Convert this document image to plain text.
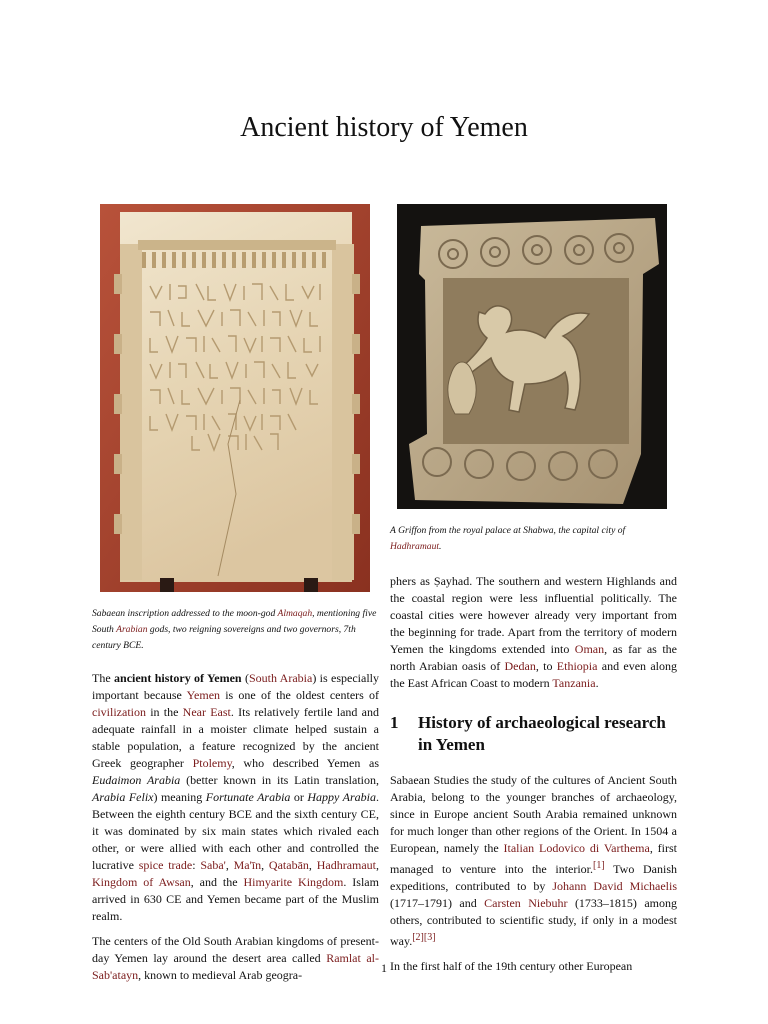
Ancient history of Yemen
A Griffon from the royal palace at Shabwa, the capital city of Hadhramaut.
Sabaean inscription addressed to the moon-god Almaqah, mentioning five South Arabian gods, two reigning sovereigns and two governors, 7th century BCE.

The ancient history of Yemen (South Arabia) is especially important because Yemen is one of the oldest centers of civilization in the Near East. Its relatively fertile land and adequate rainfall in a moister climate helped sustain a stable population, a feature recognized by the ancient Greek geographer Ptolemy, who described Yemen as Eudaimon Arabia (better known in its Latin translation, Arabia Felix) meaning Fortunate Arabia or Happy Arabia. Between the eighth century BCE and the sixth century CE, it was dominated by six main states which rivaled each other, or were allied with each other and controlled the lucrative spice trade: Saba', Ma'īn, Qatabān, Hadhramaut, Kingdom of Awsan, and the Himyarite Kingdom. Islam arrived in 630 CE and Yemen became part of the Muslim realm.

The centers of the Old South Arabian kingdoms of present-day Yemen lay around the desert area called Ramlat al-Sab'atayn, known to medieval Arab geogra-

phers as Ṣayhad. The southern and western Highlands and the coastal region were less influential politically. The coastal cities were however already very important from the beginning for trade. Apart from the territory of modern Yemen the kingdoms extended into Oman, as far as the north Arabian oasis of Dedan, to Ethiopia and even along the East African Coast to modern Tanzania.

1	History of archaeological research in Yemen

Sabaean Studies the study of the cultures of Ancient South Arabia, belong to the younger branches of archaeology, since in Europe ancient South Arabia remained unknown for much longer than other regions of the Orient. In 1504 a European, namely the Italian Lodovico di Varthema, first managed to venture into the interior.[1] Two Danish expeditions, contributed to by Johann David Michaelis (1717–1791) and Carsten Niebuhr (1733–1815) among others, contributed to scientific study, if only in a modest way.[2][3]

In the first half of the 19th century other European

1
